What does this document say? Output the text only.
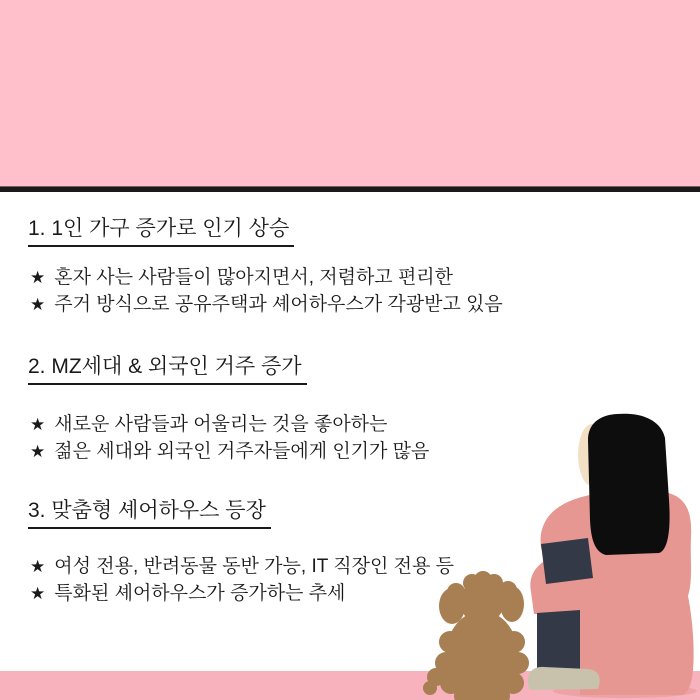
1. 1인 가구 증가로 인기 상승
★ 혼자 사는 사람들이 많아지면서, 저렴하고 편리한
★ 주거 방식으로 공유주택과 셰어하우스가 각광받고 있음
2. MZ세대 & 외국인 거주 증가
★ 새로운 사람들과 어울리는 것을 좋아하는
★ 젊은 세대와 외국인 거주자들에게 인기가 많음
3. 맞춤형 셰어하우스 등장
★ 여성 전용, 반려동물 동반 가능, IT 직장인 전용 등
★ 특화된 셰어하우스가 증가하는 추세
